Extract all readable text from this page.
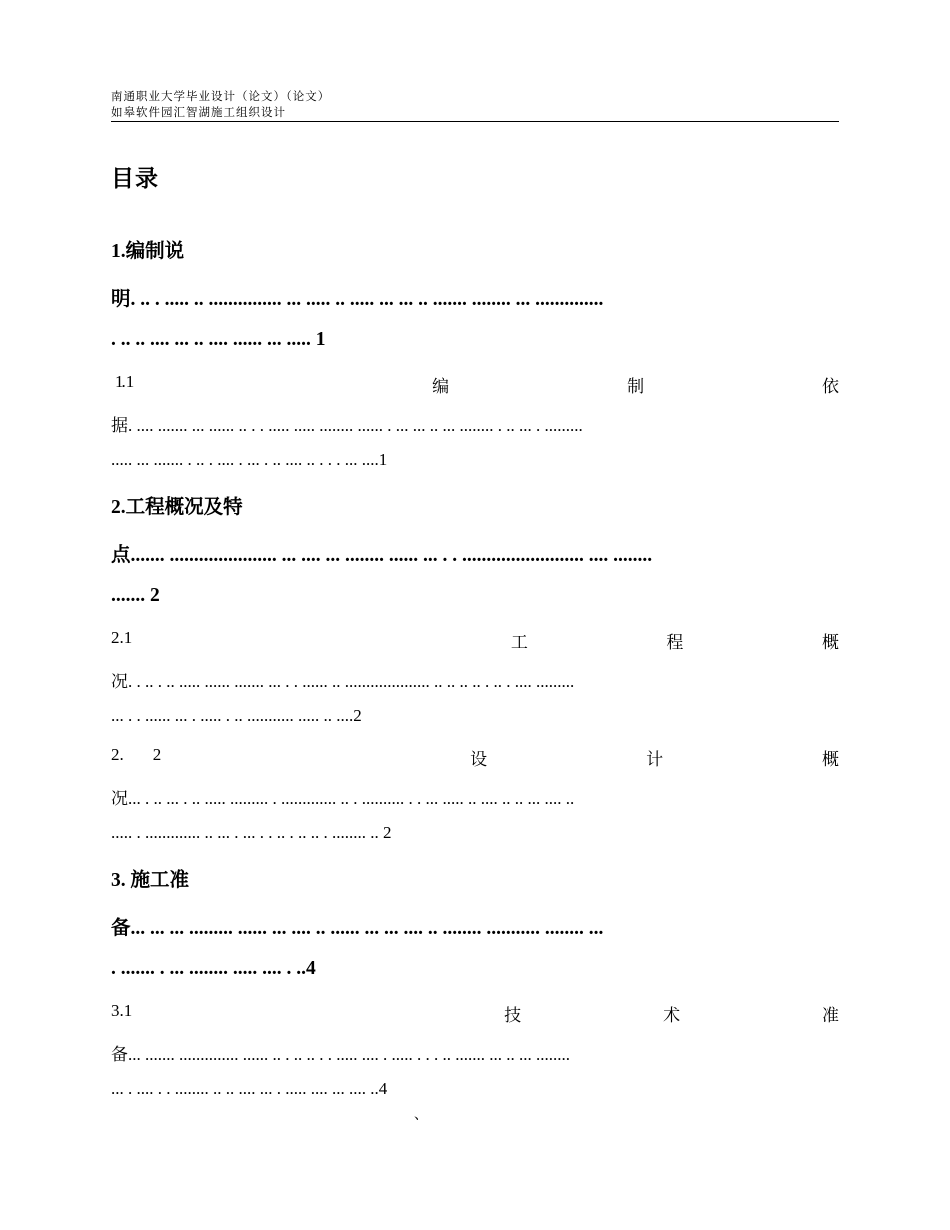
南通职业大学毕业设计（论文）（论文）
如皋软件园汇智湖施工组织设计
目录
1.编制说
明. .. . ..... .. ............... ... ..... .. ..... ... ... .. ....... ........ ... ..............
. .. .. .... ... .. .... ...... ... ..... 1
1
.1	编	制	依
据. .... ....... ... ...... .. . . ..... ..... ........ ...... . ... ... .. ... ........ . .. ... . .........
..... ... ....... . .. . .... . ... . .. .... .. . . . ... ....1
2.工程概况及特
点....... ...................... ... .... ... ........ ...... ... . . ......................... .... ........
....... 2
2.1	工	程	概
况. . .. . .. ..... ...... ....... ... . . ...... .. .................... .. .. .. .. . .. . .... .........
... . . ...... ... . ..... . .. ........... ..... .. ....2
2. 2	设	计	概
况... . .. ... . .. ..... ......... . ............. .. . .......... . . ... ..... .. .... .. .. ... .... ..
..... . ............. .. ... . ... . . .. . .. .. . ........ .. 2
3. 施工准
备... ... ... ......... ...... ... .... .. ...... ... ... .... .. ........ ........... ........ ...
. ....... . ... ........ ..... .... . ..4
3.1	技	术	准
备... ....... .............. ...... .. . .. .. . . ..... .... . ..... . . . .. ....... ... .. ... ........
... . .... . . ........ .. .. .... ... . ..... .... ... .... ..4
、
